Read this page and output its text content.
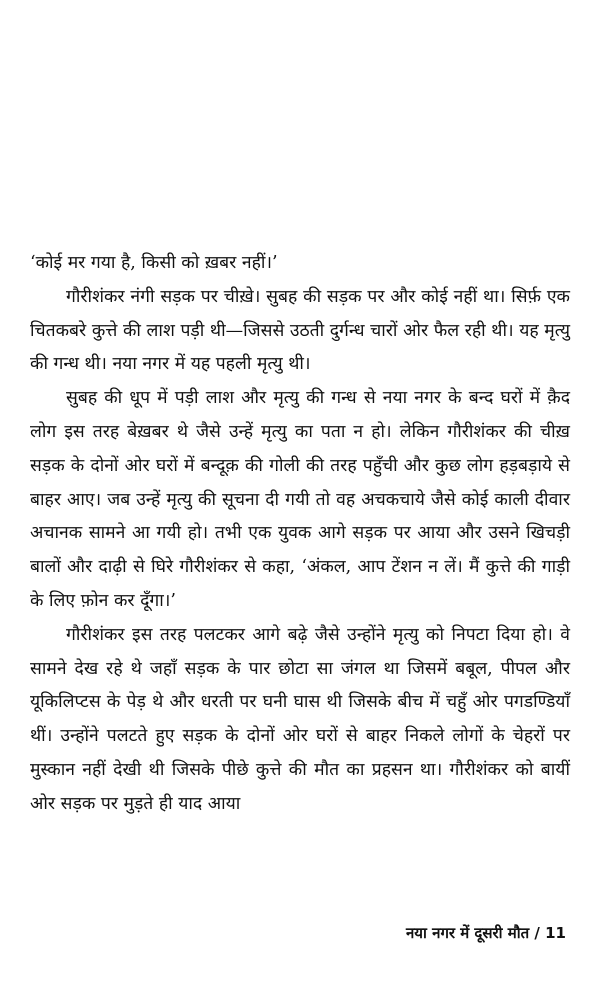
‘कोई मर गया है, किसी को ख़बर नहीं।’

गौरीशंकर नंगी सड़क पर चीख़े। सुबह की सड़क पर और कोई नहीं था। सिर्फ़ एक चितकबरे कुत्ते की लाश पड़ी थी—जिससे उठती दुर्गन्ध चारों ओर फैल रही थी। यह मृत्यु की गन्ध थी। नया नगर में यह पहली मृत्यु थी।

सुबह की धूप में पड़ी लाश और मृत्यु की गन्ध से नया नगर के बन्द घरों में क़ैद लोग इस तरह बेख़बर थे जैसे उन्हें मृत्यु का पता न हो। लेकिन गौरीशंकर की चीख़ सड़क के दोनों ओर घरों में बन्दूक़ की गोली की तरह पहुँची और कुछ लोग हड़बड़ाये से बाहर आए। जब उन्हें मृत्यु की सूचना दी गयी तो वह अचकचाये जैसे कोई काली दीवार अचानक सामने आ गयी हो। तभी एक युवक आगे सड़क पर आया और उसने खिचड़ी बालों और दाढ़ी से घिरे गौरीशंकर से कहा, ‘अंकल, आप टेंशन न लें। मैं कुत्ते की गाड़ी के लिए फ़ोन कर दूँगा।’

गौरीशंकर इस तरह पलटकर आगे बढ़े जैसे उन्होंने मृत्यु को निपटा दिया हो। वे सामने देख रहे थे जहाँ सड़क के पार छोटा सा जंगल था जिसमें बबूल, पीपल और यूकिलिप्टस के पेड़ थे और धरती पर घनी घास थी जिसके बीच में चहुँ ओर पगडण्डियाँ थीं। उन्होंने पलटते हुए सड़क के दोनों ओर घरों से बाहर निकले लोगों के चेहरों पर मुस्कान नहीं देखी थी जिसके पीछे कुत्ते की मौत का प्रहसन था। गौरीशंकर को बायीं ओर सड़क पर मुड़ते ही याद आया

नया नगर में दूसरी मौत / 11
